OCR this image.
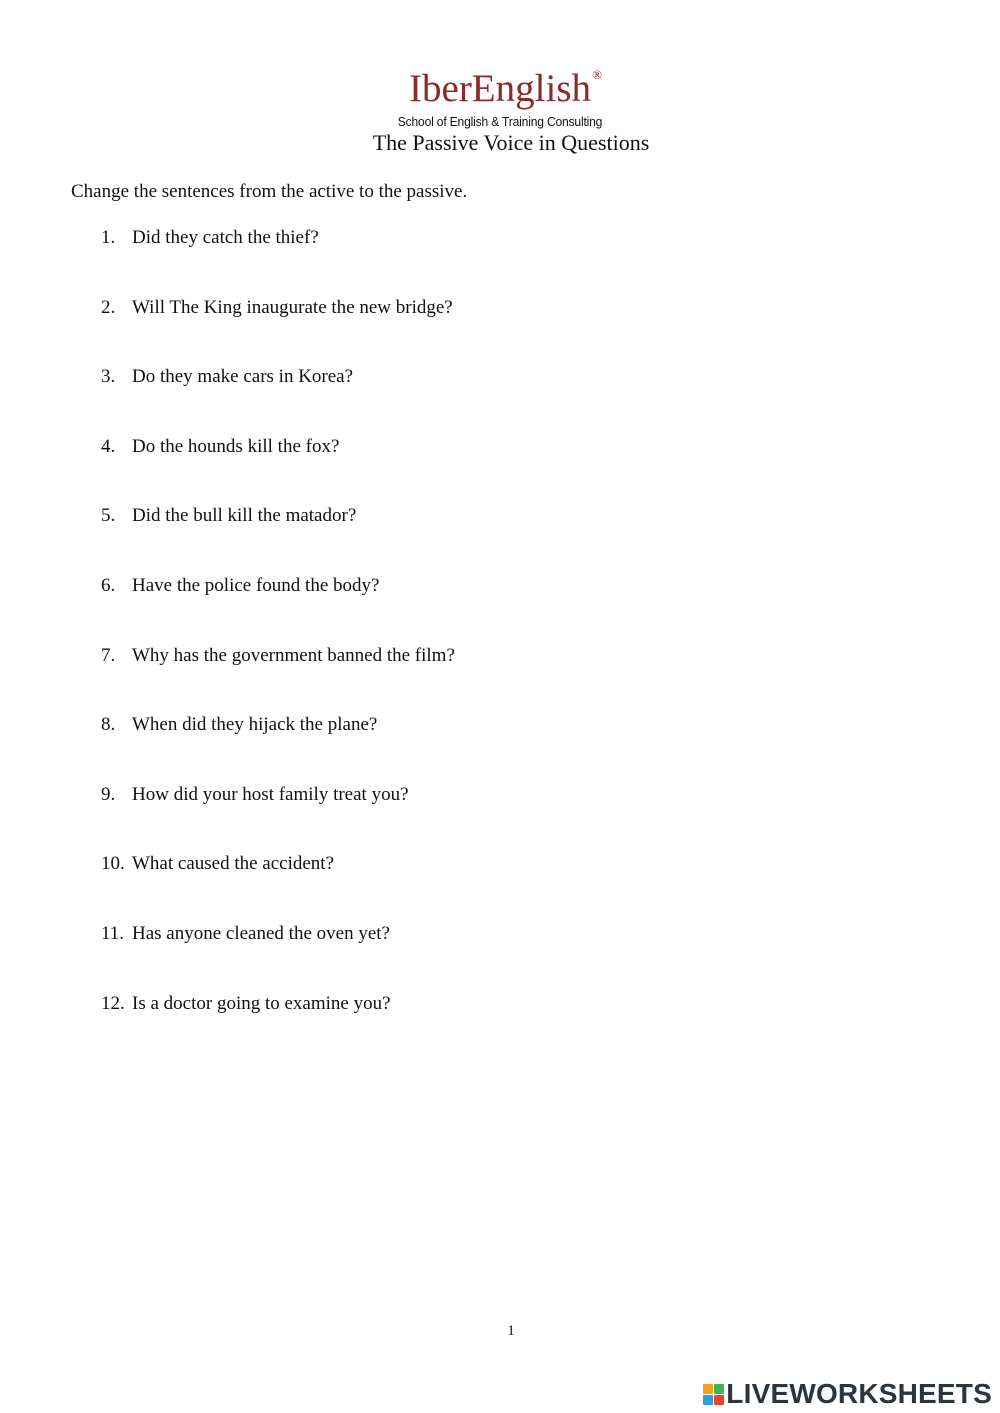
IberEnglish ®
School of English & Training Consulting
The Passive Voice in Questions
Change the sentences from the active to the passive.
1. Did they catch the thief?
2. Will The King inaugurate the new bridge?
3. Do they make cars in Korea?
4. Do the hounds kill the fox?
5. Did the bull kill the matador?
6. Have the police found the body?
7. Why has the government banned the film?
8. When did they hijack the plane?
9. How did your host family treat you?
10. What caused the accident?
11. Has anyone cleaned the oven yet?
12. Is a doctor going to examine you?
1
LIVEWORKSHEETS
